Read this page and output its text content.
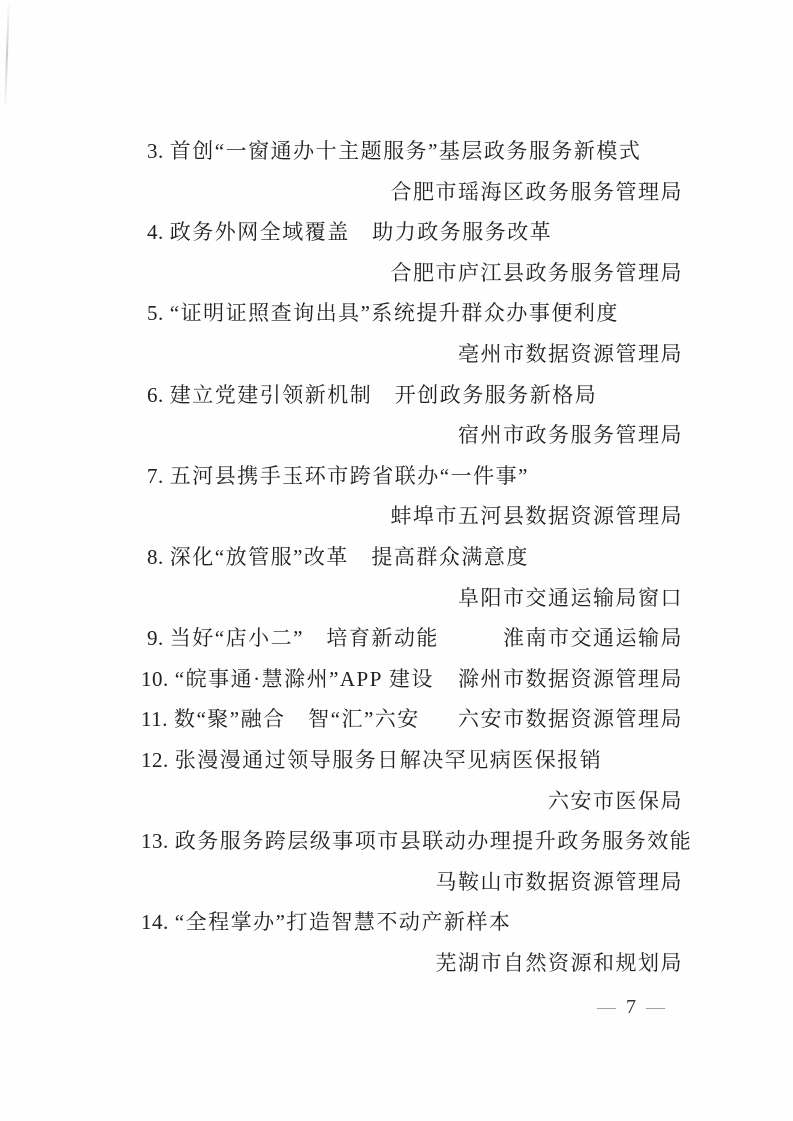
3. 首创“一窗通办十主题服务”基层政务服务新模式
合肥市瑶海区政务服务管理局
4. 政务外网全域覆盖　助力政务服务改革
合肥市庐江县政务服务管理局
5. “证明证照查询出具”系统提升群众办事便利度
亳州市数据资源管理局
6. 建立党建引领新机制　开创政务服务新格局
宿州市政务服务管理局
7. 五河县携手玉环市跨省联办“一件事”
蚌埠市五河县数据资源管理局
8. 深化“放管服”改革　提高群众满意度
阜阳市交通运输局窗口
9. 当好“店小二”　培育新动能	淮南市交通运输局
10. “皖事通·慧滁州”APP 建设 滁州市数据资源管理局
11. 数“聚”融合　智“汇”六安 六安市数据资源管理局
12. 张漫漫通过领导服务日解决罕见病医保报销
六安市医保局
13. 政务服务跨层级事项市县联动办理提升政务服务效能
马鞍山市数据资源管理局
14. “全程掌办”打造智慧不动产新样本
芜湖市自然资源和规划局
— 7 —
